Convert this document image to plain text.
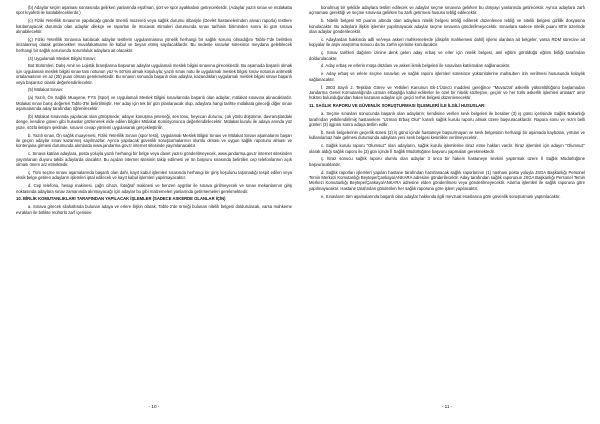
(b) Adaylar seçim aşaması sonrasında gelirken yanlarında eşofman, şort ve spor ayakkabısı getireceklerdir. (Adaylar yazılı sınav ve mülakatta spor kıyafetli ile katılabileceklerdir.)

(c) Fiziki Yeterlilik Sınavının yapılacağı günde önemli mazereti veya sağlık durumu itibariyle (Devlet hastanelerinden alınan raporla) testlere katılamayacak durumda olan adaylar dilekçe ve raporları ile mücavat stimaleri durumunda sınav tarihinin bitiminden sonra iki gün sınava alınabilecektir.

(ç) Fiziki Yeterlilik Sınavına katılacak adaylar testlerin uygulanmasına yönelik herhangi bir sağlık sorunu olmadığını Tablo-7'de belirtilen imzalanmış olarak getirecekleri muvafakatname ile kabul ve beyan etmiş sayılacaklardır. Bu nedenle sınavlar süresince meydana gelebilecek herhangi bir sağlık sorununda sorumluluk adaylara ait olacaktır.

(4) Uygulamalı Meslek Bilgisi Sınavı:

Bot Sürümleri, Dalış Amir ve Lojistik branşlarına başvuran adaylar uygulamalı meslek bilgisi sınavına gireceklerdir. Bu aşamada başarılı olmak için uygulamalı meslek bilgisi sınav tam notunun yüz % 50'sini almak koşuluyla; yazılı sınav notu ile uygulamalı meslek bilgisi sınav notunun aritmetik ortalamasının en az (25) puan olması gerekmektedir. Bu sınavın sonunda başarılı olan adaylar, kazandıkları uygulamalı meslek bilgisi sınavı başarılı veya başarısız olarak değerlendirilecektir.

(5) Mülakat Sınavı:

(a) Yazılı, Ön Sağlık Muayene, FYS (Spor) ve Uygulamalı Meslek Bilgisi sınavlarında başarılı olan adaylar, mülakat sınavına alınacaklardır. Mülakat sınav barış değerleri Tablo-3'te belirtilmiştir. Her aday için tek bir gün planlanacak olup, adaylara hangi tarihte mülakata gireceği diğer sınav aşamalarında aday tarafından öğrenilecektir.

(b) Mülakat sınavında yapılacak olan görüşmede; adayın konuşma yeteneği, ses tonu, heyecan durumu, çok yönlü düşünme, davranışlardaki denge, kendine güven gibi hususlar gözlenerek elde edilen bilgiler Mülakat Komisyonunca değerlendirilecektir. Mülakat kurulu ile adaya anında yüz yüze, sözlü iletişim şeklinde, sınavın cevap yönlemi uygulanarak gerçekleştirilir.

b. Yazılı sınav, Ön sağlık muayenesi, Fiziki Yeterlilik Sınavı (spor testi), Uygulamalı Meslek Bilgisi Sınavı ve Mülakat Sınavı aşamalarını başarı ile geçen adaylar sınav kazanmış sayılmazlar. Ayrıca yapılacak güvenlik soruşturmalarının olumlu olması ve uygun sağlık raporunu alması ve kontenjana girmesi durumunda alımlarda www.jandarma.gov.tr internet sitesinde yayımlanacaktır.

c. Sınava katılan adaylara, posta yoluyla yazılı herhangi bir belge veya davet yazısı gönderilmeyecek, www.jandarma.gov.tr internet sitesinden yayımlanan duyuru takibi adaylarda olacaktır. Bu açıdan internet sitesinin takip edilmesi ve ön başvuru sırasında belirtilen cep telefonlarının açık olması önem arz etmektedir.

ç. Tüm seçme sınavı aşamalarında başarılı olan dahi, kayıt kabul işlemleri sırasında herhangi bir giriş koşulunu taşımadığı tespit edilen veya eksik belge getiren adayların işlemleri iptal edilecek ve kayıt kabul işlemleri yapılmayacaktır.

d. Cep telefonu, hesap makinesi, çağrı cihazı, fotoğraf makinesi ve benzeri aygıtlar ile sınava girilmeyecek ve sınav mekanlarının giriş noktasında adaylara sınav zamanında alınmayacağı için adaylar bu gibi malzemeleri yanlarında getirmemeleri gerekmektedir.

10. BİRLİK KOMUTANLIKLARI TARAFINDAN YAPILACAK İŞLEMLER (SADECE ASKERDE OLANLAR İÇİN)

a. Sınava girecek silahaltında bulunan adaya ve erlere ilişkin olarak, Tablo-2'de örneği bulunan nitelik belgesi doldurulacak, varsa mahkeme evrakları ile birlikte mühürlü zarf içerisine

- 10 -

konulmuş bir şekilde adaylara teslim edilecek ve adaylar seçme sınavına gelirken bu dosyayı yanlarında getirecektir. Ayrıca adaylara zarfı açmaması gerektiği ve seçme sınavına gelirken bu zarfı getirmesi hususu tebliğ edilecektir.

b. Nitelik belgesi 80 puanın altında olan adaylara nitelik belgesi tebliğ edilerek düzenlenen tebliğ ve nitelik belgesi gizlilik dosyasına konulacaktır. Bu adaylara ilişkin işlemler yapılmayacak adaylar seçme sınavına gönderilmeyecektir. Sınavlara sadece nitelik puanı 80'in üzerinde olan adaylar gönderilecektir.

c. Adaylardan hakkında adli ve/veya askeri mahkemelerde (disiplin mahkemesi dahil) işlemi olanlara ait belgeler, varsa RDM sürecine ait kopyalar ile arşiv araştırma sonucu da bu zarfın içerisine konulacaktır.

ç. Sınav tarihleri dağılımı izinine denk gelen aday erbaş ve erler için nitelik belgesi, asıl eğitim görüldüğü eğitim birliği tarafından doldurulacaktır.

d. Aday erbaş ve erlerin müşa düzdanı ve askeri ikmik belgeleri ile sınavlara katılımaları sağlanacaktır.

e. Aday erbaş ve erlere seçme sınavları ve sağlık raporu işlemleri süresince yükümlülerine mahsuben izin verilmesi hususunda kolaylık sağlanacaktır.

f. 2803 Sayılı J. Teşkilatı Görev ve Yetkileri Kanunun Ek-1'Üüncü maddesi gereğince "Muvazzaf askerlik yükümlülüğünü başlamadan Jandarma Genel Komutanlığında uzman erbaşlığa kabul edilenler ile özel bir nitelik sözleşme, geçirir ve her türlü askerlik işlemleri anlatan" amir hükmü bulunduğundan halen kazanan adaylar için geçici terhis belgesi düzenlenecektir.

11. SAĞLIK RAPORU VE GÜVENLİK SORUŞTURMASI İŞLEMLERİ İLE İLGİLİ HUSUSLAR:

a. Seçme sınavları sonucunda başarılı olan adayların; kendisine verilen sevk belgeleri ile beraber (3) iş günü içerisinde Sağlık Bakanlığı tarafından yetkilendirilmiş hastanelere "Uzman Erbaş Olur" kararlı sağlık kurulu raporu almak üzere başvuracaklardır. Rapora sonu ve rezm belli günleri (3) işgünü sonra adaya teslim edilir.

b. Sevk belgelerinin geçerlik süresi (3) iş günü içinde hastaneye başvurmayan ve sevk belgesinin herhangi bir aşamada kaybolan, yırtılan ve kullanılamaz hale gelmesi durumunda adaylara yeni sevk belgesi kesinlikle verilmeyecektir.

c. Sağlık kurulu raporu "Olumsuz" olan adayların, sağlık kurulu işlemlerine itiraz etme hakları vardır. İtiraz işlemleri için adayın "Olumsuz" olarak aldığı sağlık raporu ile (3) gün içinde İl Sağlık Müdürlüğüne başvuru yapmaları gerekmektedir.

ç. İtiraz sonucu sağlık raporu olumlu olan adaylar 3 üncü bir hakem hastaneye sevkini yaptırmak üzere İl Sağlık Müdürlüğüne başvuracaklardır.

d. Sağlık raporları işlemleri yapılan hastane tarafından hazırlanacak sağlık raporlarının (1) nüshası posta yoluyla JSGA Başkanlığı Personel Temin Merkezi Komutanlığı Beytepe/Çankaya/ANKARA adresine gönderilecektir. Aday tarafından sağlık raporunun JSGA Başkanlığı Personel Temin Merkezi Komutanlığı Beytepe/Çankaya/ANKARA adresine elden gönderilmesi veya gönderilmeyecektir. Alarma işlemleri ile sağlık raporuna göre yapılmayacaktır. Hastane tarafından gönderilen her sağlık raporuna göre işlem yapılacaktır.

e. Sınavların tüm aşamalarında başarılı olan adaylar hakkında ilgili mevzuat esaslarına göre güvenlik soruşturması yaptırılacaktır.

- 11 -
